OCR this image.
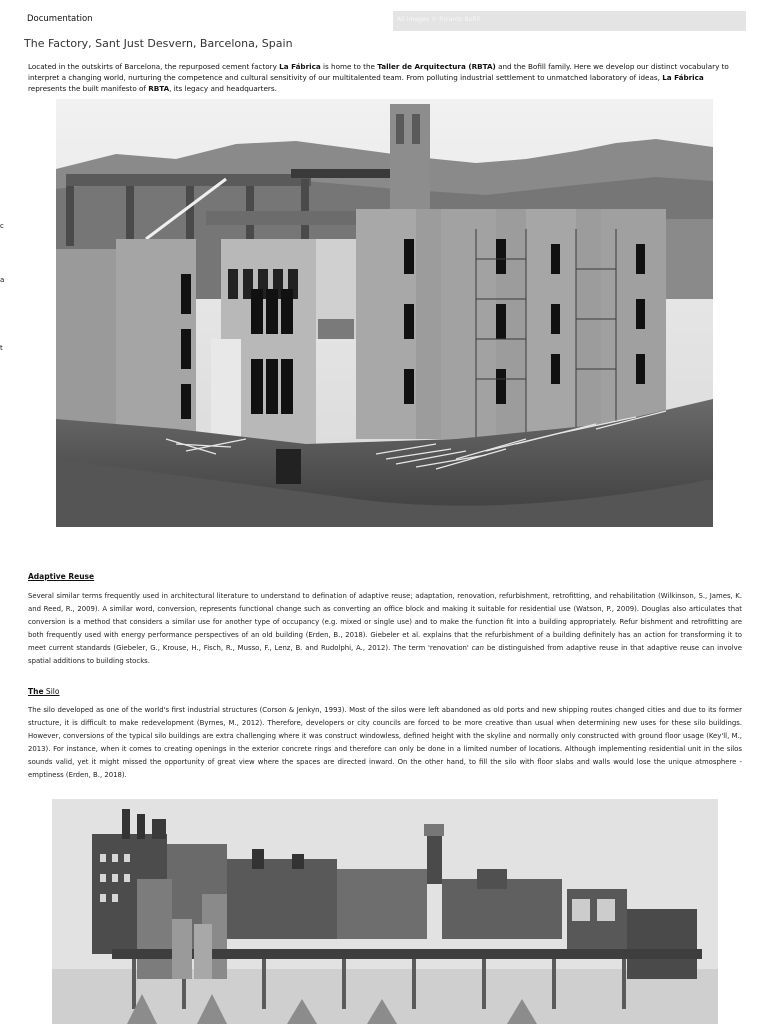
Documentation	All images © Ricardo Bofill
The Factory, Sant Just Desvern, Barcelona, Spain

Located in the outskirts of Barcelona, the repurposed cement factory La Fábrica is home to the Taller de Arquitectura (RBTA) and the Bofill family. Here we develop our distinct vocabulary to interpret a changing world, nurturing the competence and cultural sensitivity of our multitalented team. From polluting industrial settlement to unmatched laboratory of ideas, La Fábrica represents the built manifesto of RBTA, its legacy and headquarters.

c
a
t
Adaptive Reuse

Several similar terms frequently used in architectural literature to understand to defination of adaptive reuse; adaptation, renovation, refurbishment, retrofitting, and rehabilitation (Wilkinson, S., James, K. and Reed, R., 2009). A similar word, conversion, represents functional change such as converting an office block and making it suitable for residential use (Watson, P., 2009). Douglas also articulates that conversion is a method that considers a similar use for another type of occupancy (e.g. mixed or single use) and to make the function fit into a building appropriately. Refur bishment and retrofitting are both frequently used with energy performance perspectives of an old building (Erden, B., 2018). Giebeler et al. explains that the refurbishment of a building definitely has an action for transforming it to meet current standards (Giebeler, G., Krouse, H., Fisch, R., Musso, F., Lenz, B. and Rudolphi, A., 2012). The term 'renovation' can be distinguished from adaptive reuse in that adaptive reuse can involve spatial additions to building stocks.

The Silo

The silo developed as one of the world's first industrial structures (Corson & Jenkyn, 1993). Most of the silos were left abandoned as old ports and new shipping routes changed cities and due to its former structure, it is difficult to make redevelopment (Byrnes, M., 2012). Therefore, developers or city councils are forced to be more creative than usual when determining new uses for these silo buildings. However, conversions of the typical silo buildings are extra challenging where it was construct windowless, defined height with the skyline and normally only constructed with ground floor usage (Key'll, M., 2013). For instance, when it comes to creating openings in the exterior concrete rings and therefore can only be done in a limited number of locations. Although implementing residential unit in the silos sounds valid, yet it might missed the opportunity of great view where the spaces are directed inward. On the other hand, to fill the silo with floor slabs and walls would lose the unique atmosphere - emptiness (Erden, B., 2018).
